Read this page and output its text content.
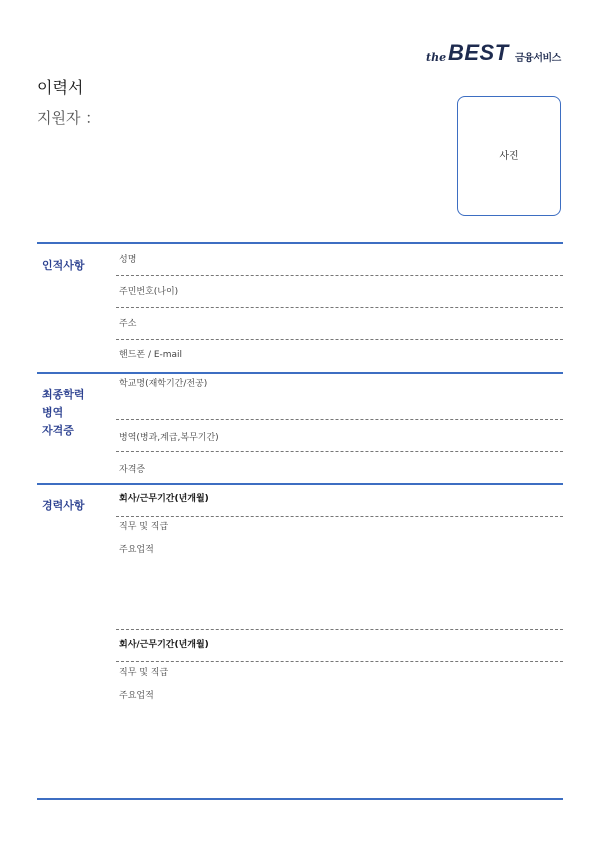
the BEST 금융서비스
이력서
지원자 ：
사진
인적사항	성명
주민번호(나이)
주소
핸드폰 / E-mail
최종학력
병역
자격증
학교명(재학기간/전공)
병역(병과,계급,복무기간)
자격증
경력사항	회사/근무기간(년개월)
직무 및 직급
주요업적
회사/근무기간(년개월)
직무 및 직급
주요업적
